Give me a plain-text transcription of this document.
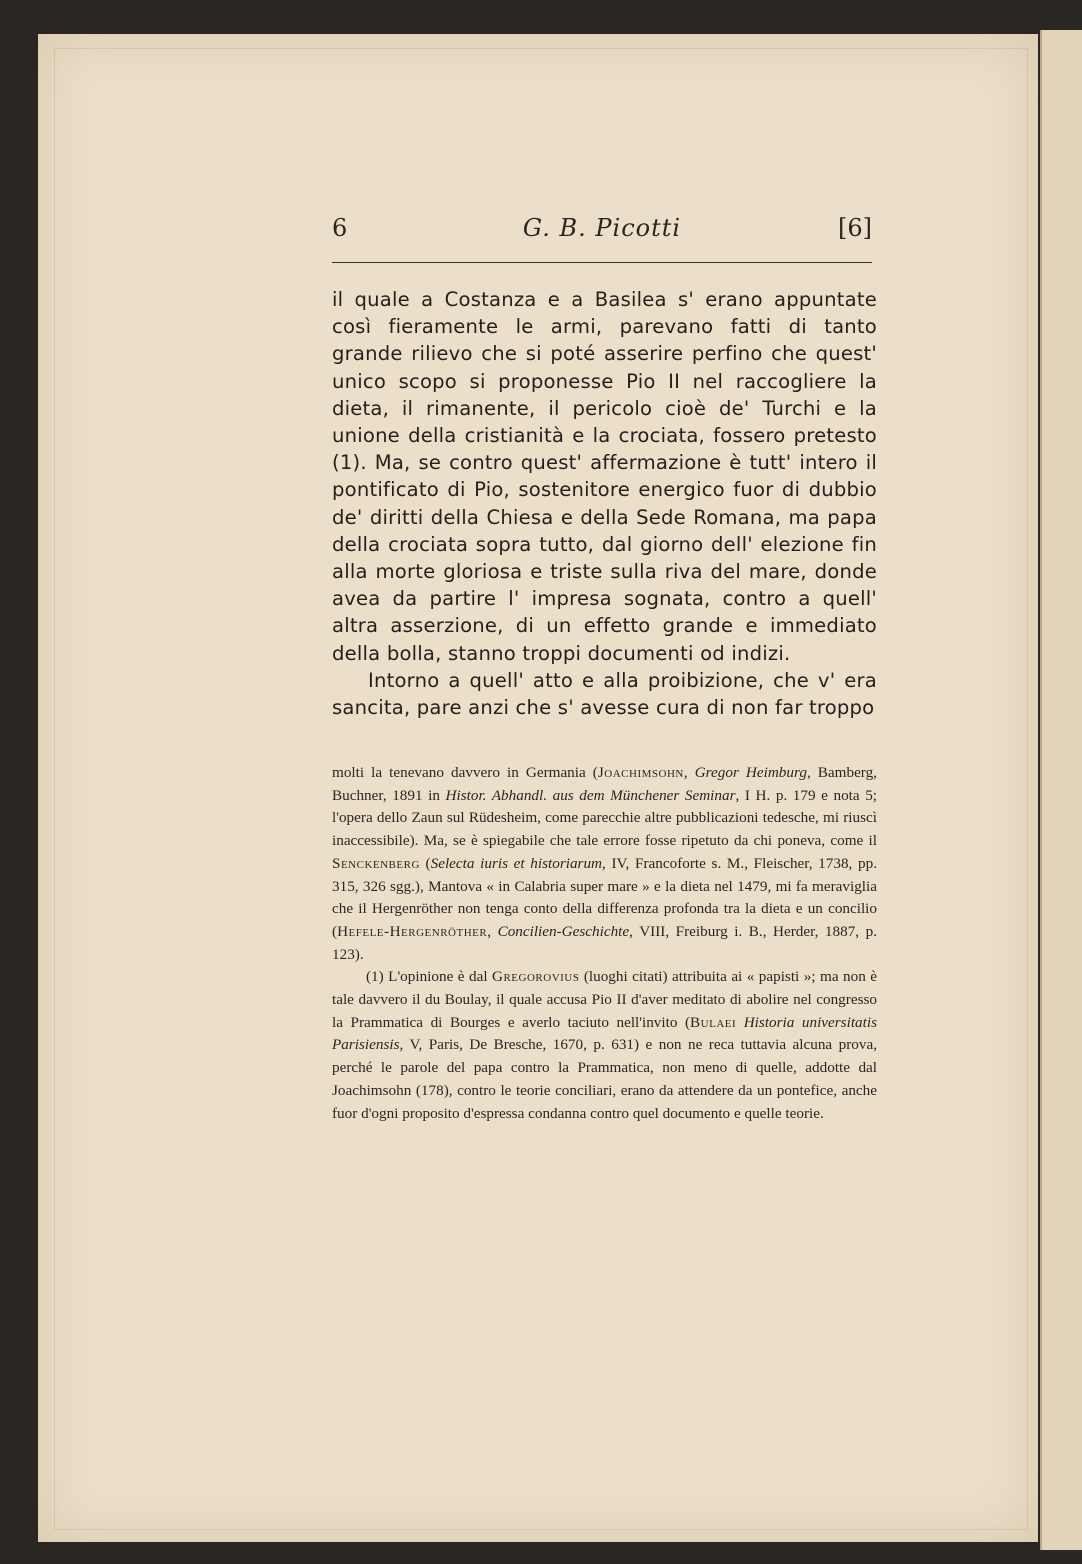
6	G. B. Picotti	[6]

il quale a Costanza e a Basilea s' erano appuntate così fieramente le armi, parevano fatti di tanto grande rilievo che si poté asserire perfino che quest' unico scopo si proponesse Pio II nel raccogliere la dieta, il rimanente, il pericolo cioè de' Turchi e la unione della cristianità e la crociata, fossero pretesto (1). Ma, se contro quest' affermazione è tutt' intero il pontificato di Pio, sostenitore energico fuor di dubbio de' diritti della Chiesa e della Sede Romana, ma papa della crociata sopra tutto, dal giorno dell' elezione fin alla morte gloriosa e triste sulla riva del mare, donde avea da partire l' impresa sognata, contro a quell' altra asserzione, di un effetto grande e immediato della bolla, stanno troppi documenti od indizi.

Intorno a quell' atto e alla proibizione, che v' era sancita, pare anzi che s' avesse cura di non far troppo

molti la tenevano davvero in Germania (Joachimsohn, Gregor Heimburg, Bamberg, Buchner, 1891 in Histor. Abhandl. aus dem Münchener Seminar, I H. p. 179 e nota 5; l'opera dello Zaun sul Rüdesheim, come parecchie altre pubblicazioni tedesche, mi riuscì inaccessibile). Ma, se è spiegabile che tale errore fosse ripetuto da chi poneva, come il Senckenberg (Selecta iuris et historiarum, IV, Francoforte s. M., Fleischer, 1738, pp. 315, 326 sgg.), Mantova « in Calabria super mare » e la dieta nel 1479, mi fa meraviglia che il Hergenröther non tenga conto della differenza profonda tra la dieta e un concilio (Hefele-Hergenröther, Concilien-Geschichte, VIII, Freiburg i. B., Herder, 1887, p. 123).

(1) L'opinione è dal Gregorovius (luoghi citati) attribuita ai « papisti »; ma non è tale davvero il du Boulay, il quale accusa Pio II d'aver meditato di abolire nel congresso la Prammatica di Bourges e averlo taciuto nell'invito (Bulaei Historia universitatis Parisiensis, V, Paris, De Bresche, 1670, p. 631) e non ne reca tuttavia alcuna prova, perché le parole del papa contro la Prammatica, non meno di quelle, addotte dal Joachimsohn (178), contro le teorie conciliari, erano da attendere da un pontefice, anche fuor d'ogni proposito d'espressa condanna contro quel documento e quelle teorie.
